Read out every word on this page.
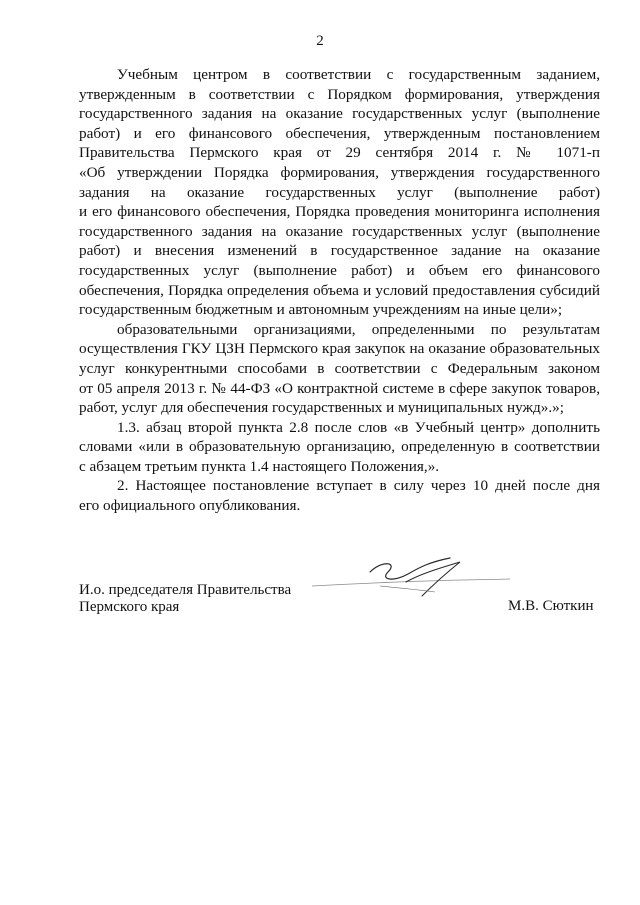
2
Учебным центром в соответствии с государственным заданием,
утвержденным в соответствии с Порядком формирования, утверждения
государственного задания на оказание государственных услуг (выполнение
работ) и его финансового обеспечения, утвержденным постановлением
Правительства Пермского края от 29 сентября 2014 г. № 1071-п
«Об утверждении Порядка формирования, утверждения государственного
задания на оказание государственных услуг (выполнение работ)
и его финансового обеспечения, Порядка проведения мониторинга исполнения
государственного задания на оказание государственных услуг (выполнение
работ) и внесения изменений в государственное задание на оказание
государственных услуг (выполнение работ) и объем его финансового
обеспечения, Порядка определения объема и условий предоставления субсидий
государственным бюджетным и автономным учреждениям на иные цели»;
образовательными организациями, определенными по результатам
осуществления ГКУ ЦЗН Пермского края закупок на оказание образовательных
услуг конкурентными способами в соответствии с Федеральным законом
от 05 апреля 2013 г. № 44-ФЗ «О контрактной системе в сфере закупок товаров,
работ, услуг для обеспечения государственных и муниципальных нужд».»;
1.3. абзац второй пункта 2.8 после слов «в Учебный центр» дополнить
словами «или в образовательную организацию, определенную в соответствии
с абзацем третьим пункта 1.4 настоящего Положения,».
2. Настоящее постановление вступает в силу через 10 дней после дня
его официального опубликования.
И.о. председателя Правительства
Пермского края	М.В. Сюткин
